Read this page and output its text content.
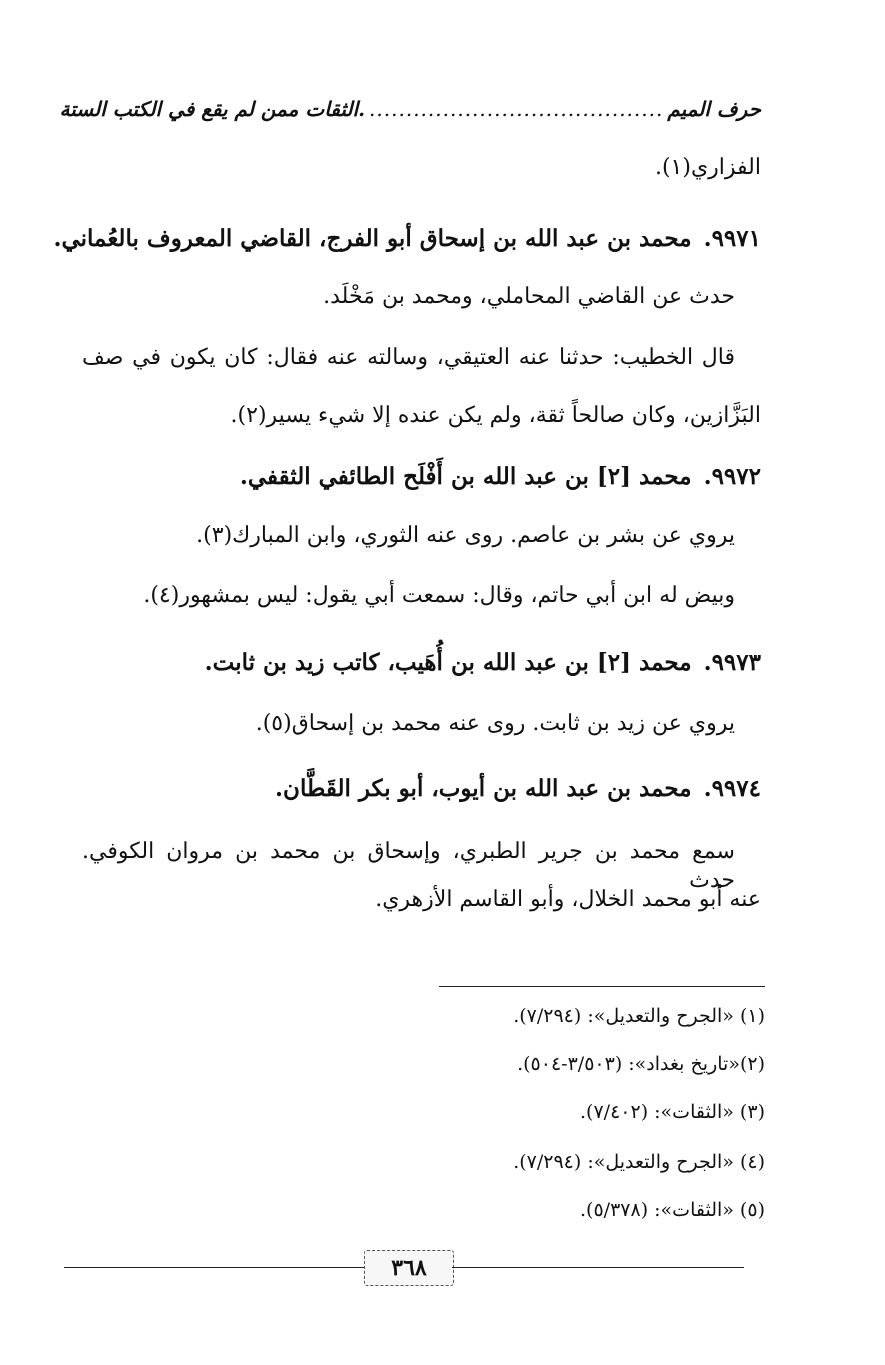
حرف الميم
........................................
.الثقات ممن لم يقع في الكتب الستة
الفزاري(١).
٩٩٧١.محمد بن عبد الله بن إسحاق أبو الفرج، القاضي المعروف بالعُماني.
حدث عن القاضي المحاملي، ومحمد بن مَخْلَد.
قال الخطيب: حدثنا عنه العتيقي، وسالته عنه فقال: كان يكون في صف
البَزَّازين، وكان صالحاً ثقة، ولم يكن عنده إلا شيء يسير(٢).
٩٩٧٢.محمد [٢] بن عبد الله بن أَفْلَح الطائفي الثقفي.
يروي عن بشر بن عاصم. روى عنه الثوري، وابن المبارك(٣).
وبيض له ابن أبي حاتم، وقال: سمعت أبي يقول: ليس بمشهور(٤).
٩٩٧٣.محمد [٢] بن عبد الله بن أُهَيب، كاتب زيد بن ثابت.
يروي عن زيد بن ثابت. روى عنه محمد بن إسحاق(٥).
٩٩٧٤.محمد بن عبد الله بن أيوب، أبو بكر القَطَّان.
سمع محمد بن جرير الطبري، وإسحاق بن محمد بن مروان الكوفي. حدث
عنه أبو محمد الخلال، وأبو القاسم الأزهري.
(١) «الجرح والتعديل»: (٧/٢٩٤).
(٢)«تاريخ بغداد»: (٣/٥٠٣-٥٠٤).
(٣) «الثقات»: (٧/٤٠٢).
(٤) «الجرح والتعديل»: (٧/٢٩٤).
(٥) «الثقات»: (٥/٣٧٨).
٣٦٨
